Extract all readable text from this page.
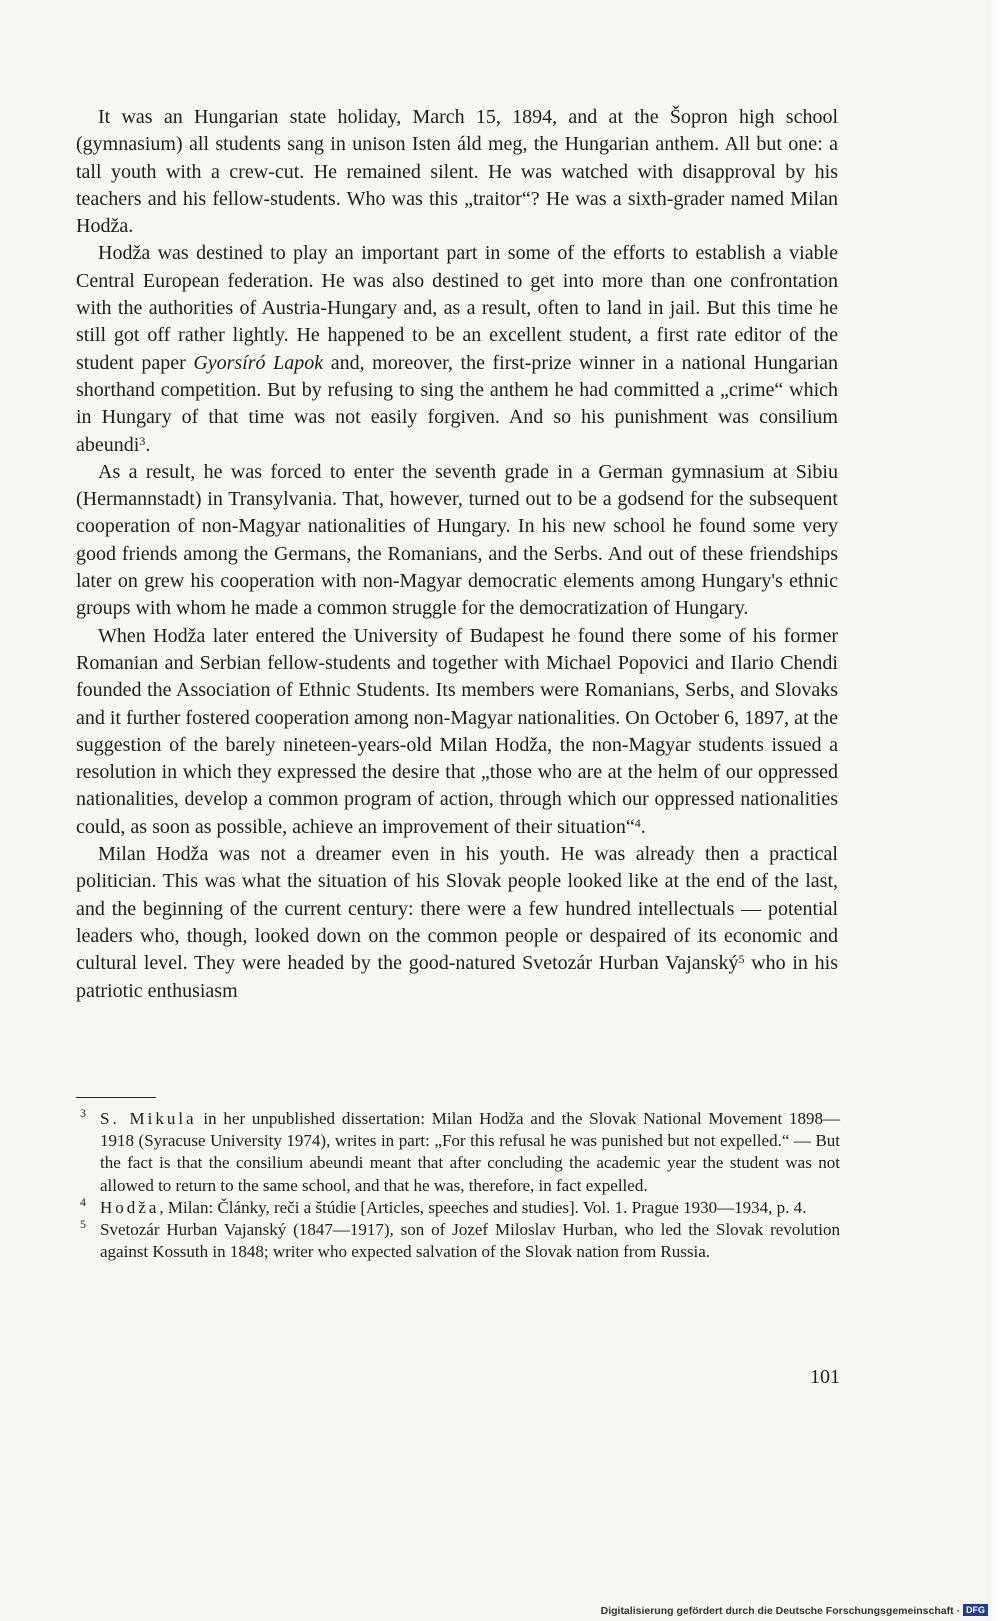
It was an Hungarian state holiday, March 15, 1894, and at the Šopron high school (gymnasium) all students sang in unison Isten áld meg, the Hungarian anthem. All but one: a tall youth with a crew-cut. He remained silent. He was watched with disapproval by his teachers and his fellow-students. Who was this „traitor“? He was a sixth-grader named Milan Hodža.

Hodža was destined to play an important part in some of the efforts to establish a viable Central European federation. He was also destined to get into more than one confrontation with the authorities of Austria-Hungary and, as a result, often to land in jail. But this time he still got off rather lightly. He happened to be an excellent student, a first rate editor of the student paper Gyorsíró Lapok and, moreover, the first-prize winner in a national Hungarian shorthand competition. But by refusing to sing the anthem he had committed a „crime“ which in Hungary of that time was not easily forgiven. And so his punishment was consilium abeundi$^3$.

As a result, he was forced to enter the seventh grade in a German gymnasium at Sibiu (Hermannstadt) in Transylvania. That, however, turned out to be a godsend for the subsequent cooperation of non-Magyar nationalities of Hungary. In his new school he found some very good friends among the Germans, the Romanians, and the Serbs. And out of these friendships later on grew his cooperation with non-Magyar democratic elements among Hungary's ethnic groups with whom he made a common struggle for the democratization of Hungary.

When Hodža later entered the University of Budapest he found there some of his former Romanian and Serbian fellow-students and together with Michael Popovici and Ilario Chendi founded the Association of Ethnic Students. Its members were Romanians, Serbs, and Slovaks and it further fostered cooperation among non-Magyar nationalities. On October 6, 1897, at the suggestion of the barely nineteen-years-old Milan Hodža, the non-Magyar students issued a resolution in which they expressed the desire that „those who are at the helm of our oppressed nationalities, develop a common program of action, through which our oppressed nationalities could, as soon as possible, achieve an improvement of their situation“$^4$.

Milan Hodža was not a dreamer even in his youth. He was already then a practical politician. This was what the situation of his Slovak people looked like at the end of the last, and the beginning of the current century: there were a few hundred intellectuals — potential leaders who, though, looked down on the common people or despaired of its economic and cultural level. They were headed by the good-natured Svetozár Hurban Vajanský$^5$ who in his patriotic enthusiasm

3 S. Mikula in her unpublished dissertation: Milan Hodža and the Slovak National Movement 1898—1918 (Syracuse University 1974), writes in part: „For this refusal he was punished but not expelled.“ — But the fact is that the consilium abeundi meant that after concluding the academic year the student was not allowed to return to the same school, and that he was, therefore, in fact expelled.

4 Hodža, Milan: Články, reči a štúdie [Articles, speeches and studies]. Vol. 1. Prague 1930—1934, p. 4.

5 Svetozár Hurban Vajanský (1847—1917), son of Jozef Miloslav Hurban, who led the Slovak revolution against Kossuth in 1848; writer who expected salvation of the Slovak nation from Russia.

101
Digitalisierung gefördert durch die Deutsche Forschungsgemeinschaft · DFG
